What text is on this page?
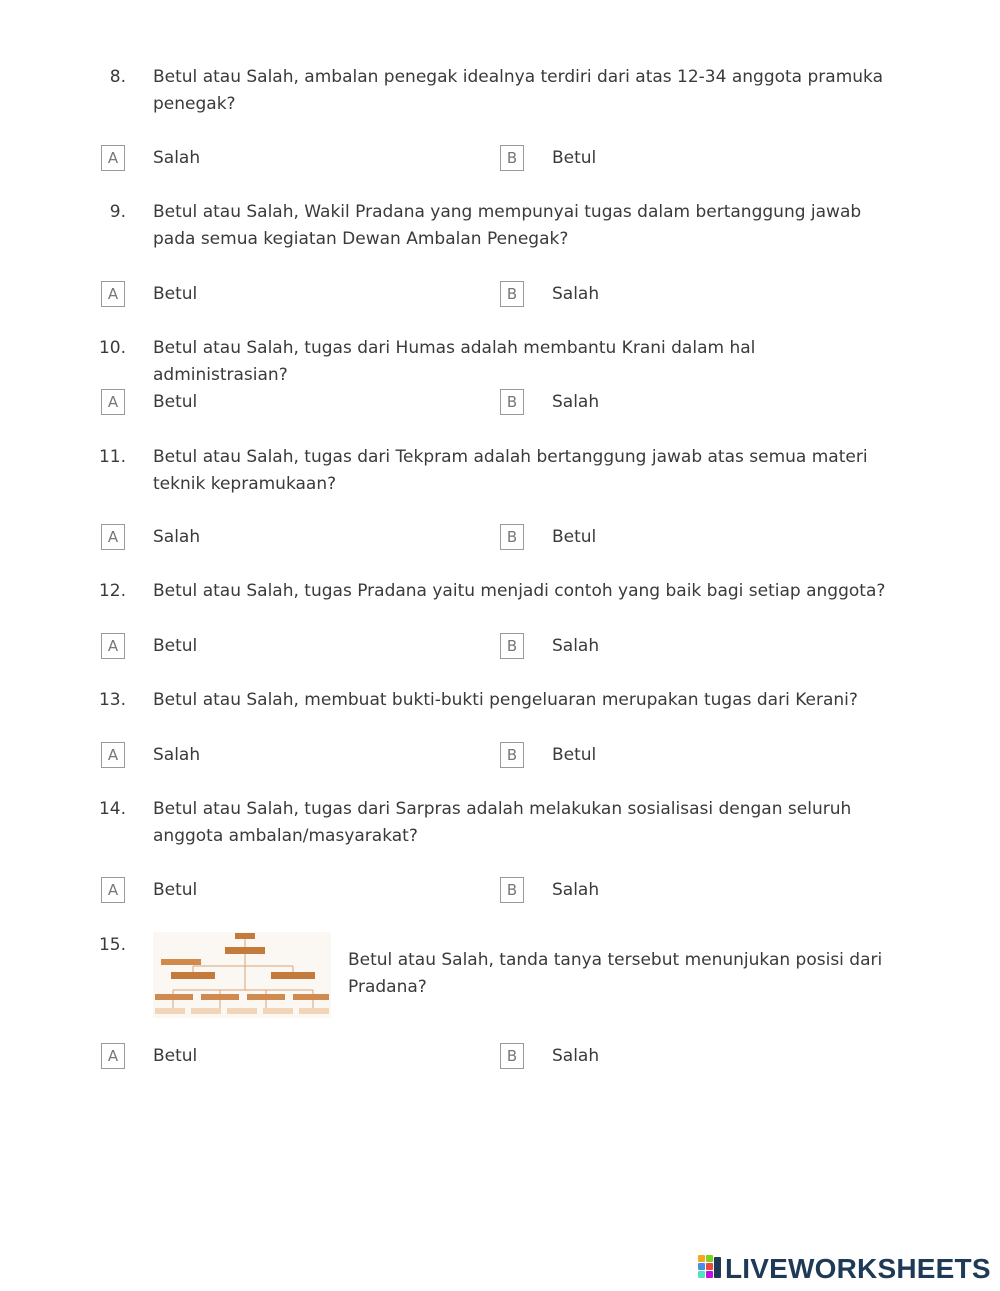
8. Betul atau Salah, ambalan penegak idealnya terdiri dari atas 12-34 anggota pramuka penegak?
A	Salah	B	Betul
9. Betul atau Salah, Wakil Pradana yang mempunyai tugas dalam bertanggung jawab pada semua kegiatan Dewan Ambalan Penegak?
A	Betul	B	Salah
10. Betul atau Salah, tugas dari Humas adalah membantu Krani dalam hal administrasian?
A	Betul	B	Salah
11. Betul atau Salah, tugas dari Tekpram adalah bertanggung jawab atas semua materi teknik kepramukaan?
A	Salah	B	Betul
12. Betul atau Salah, tugas Pradana yaitu menjadi contoh yang baik bagi setiap anggota?
A	Betul	B	Salah
13. Betul atau Salah, membuat bukti-bukti pengeluaran merupakan tugas dari Kerani?
A	Salah	B	Betul
14. Betul atau Salah, tugas dari Sarpras adalah melakukan sosialisasi dengan seluruh anggota ambalan/masyarakat?
A	Betul	B	Salah
15.
Betul atau Salah, tanda tanya tersebut menunjukan posisi dari Pradana?
A	Betul	B	Salah
LIVEWORKSHEETS
